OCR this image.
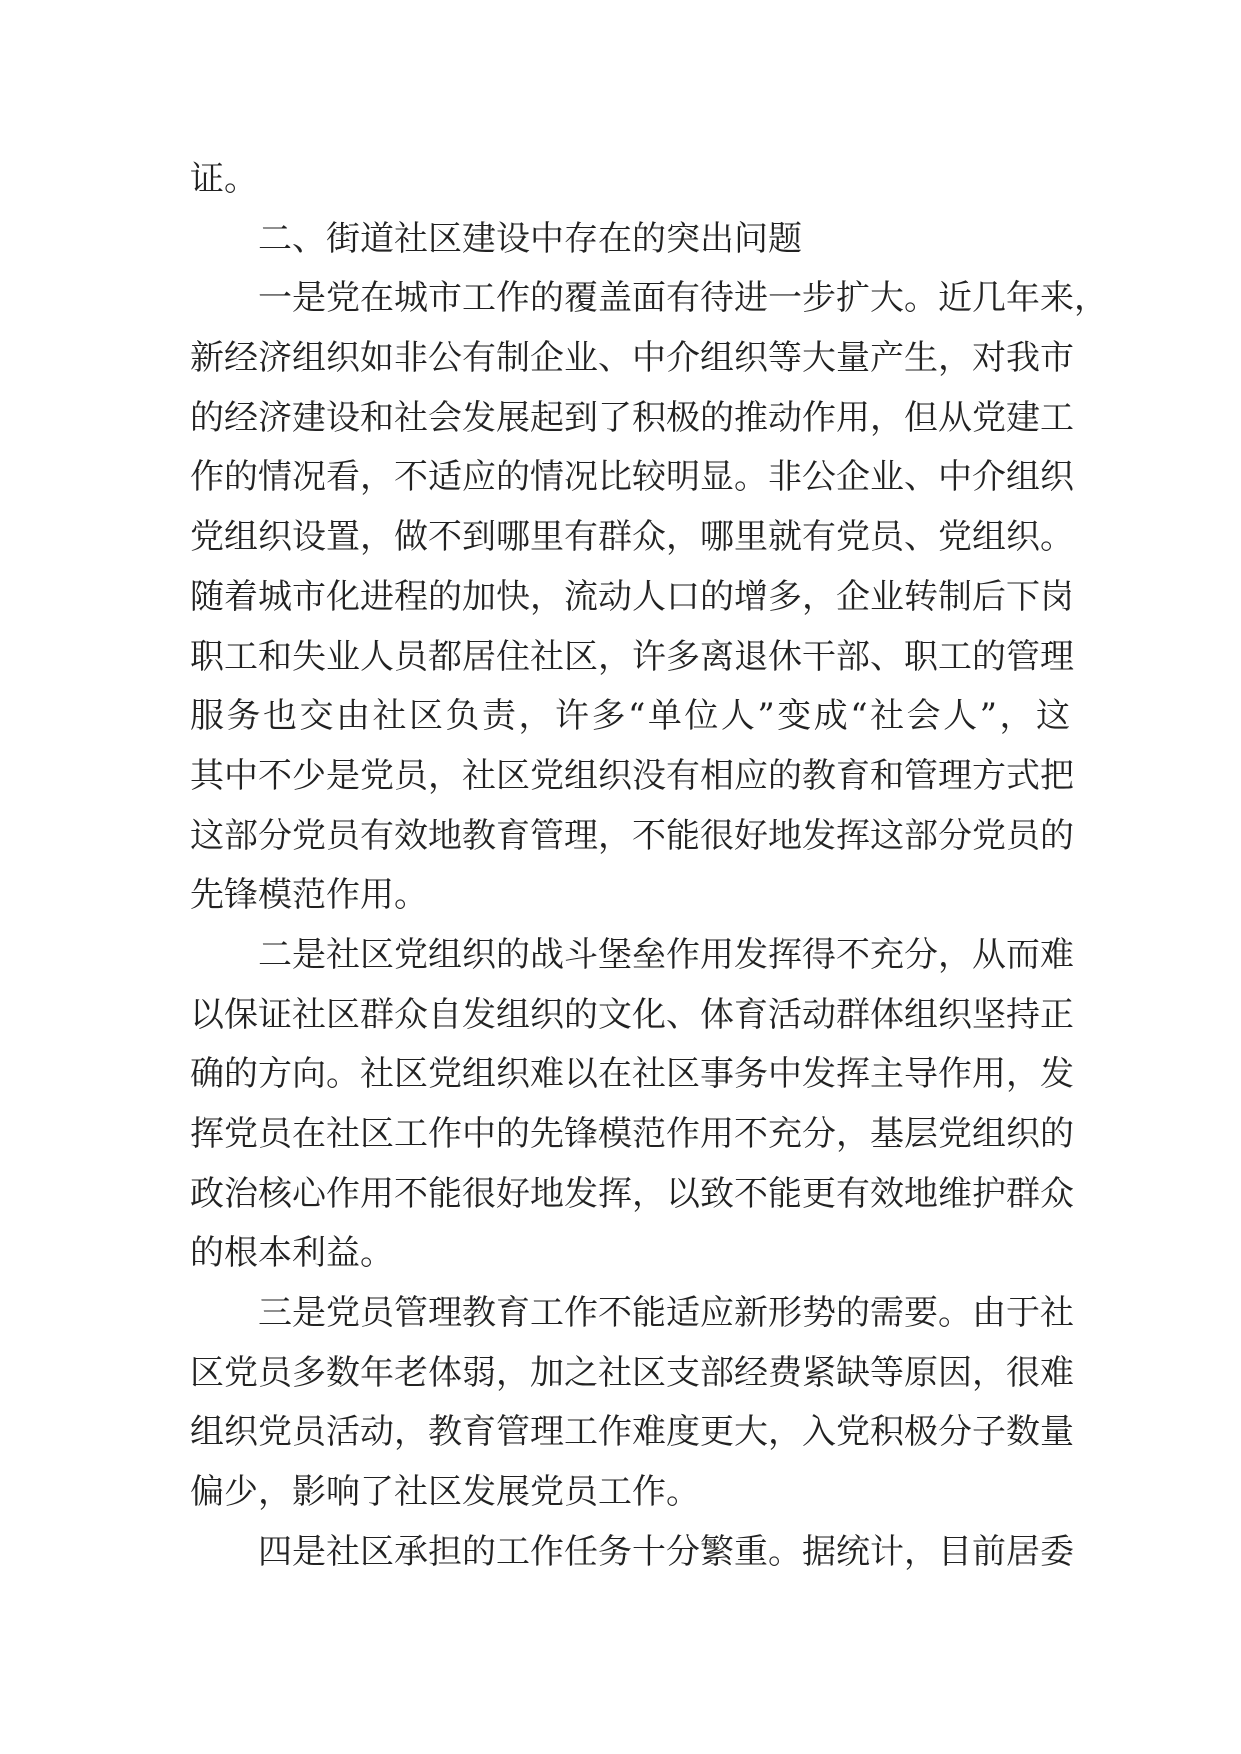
证。
二、街道社区建设中存在的突出问题
一是党在城市工作的覆盖面有待进一步扩大。近几年来，
新经济组织如非公有制企业、中介组织等大量产生，对我市
的经济建设和社会发展起到了积极的推动作用，但从党建工
作的情况看，不适应的情况比较明显。非公企业、中介组织
党组织设置，做不到哪里有群众，哪里就有党员、党组织。
随着城市化进程的加快，流动人口的增多，企业转制后下岗
职工和失业人员都居住社区，许多离退休干部、职工的管理
服务也交由社区负责，许多“单位人”变成“社会人”，这
其中不少是党员，社区党组织没有相应的教育和管理方式把
这部分党员有效地教育管理，不能很好地发挥这部分党员的
先锋模范作用。
二是社区党组织的战斗堡垒作用发挥得不充分，从而难
以保证社区群众自发组织的文化、体育活动群体组织坚持正
确的方向。社区党组织难以在社区事务中发挥主导作用，发
挥党员在社区工作中的先锋模范作用不充分，基层党组织的
政治核心作用不能很好地发挥，以致不能更有效地维护群众
的根本利益。
三是党员管理教育工作不能适应新形势的需要。由于社
区党员多数年老体弱，加之社区支部经费紧缺等原因，很难
组织党员活动，教育管理工作难度更大，入党积极分子数量
偏少，影响了社区发展党员工作。
四是社区承担的工作任务十分繁重。据统计，目前居委
